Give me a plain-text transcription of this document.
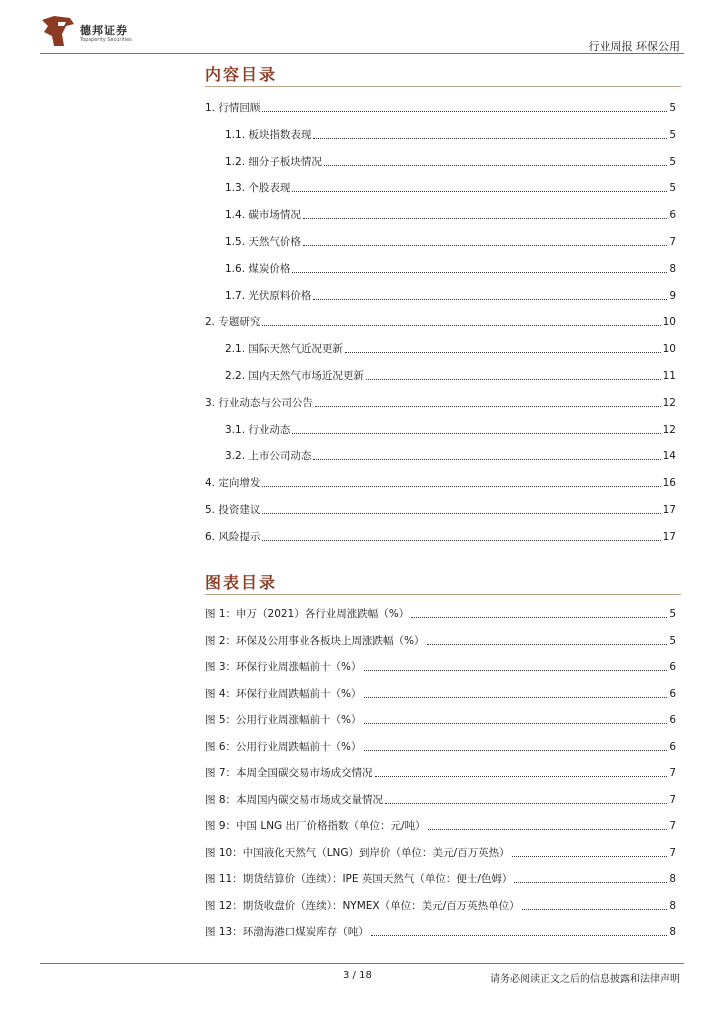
德邦证券
Topsperity Securities	行业周报 环保公用
内容目录
1. 行情回顾	5
1.1. 板块指数表现	5
1.2. 细分子板块情况	5
1.3. 个股表现	5
1.4. 碳市场情况	6
1.5. 天然气价格	7
1.6. 煤炭价格	8
1.7. 光伏原料价格	9
2. 专题研究	10
2.1. 国际天然气近况更新	10
2.2. 国内天然气市场近况更新	11
3. 行业动态与公司公告	12
3.1. 行业动态	12
3.2. 上市公司动态	14
4. 定向增发	16
5. 投资建议	17
6. 风险提示	17
图表目录
图 1：申万（2021）各行业周涨跌幅（%）	5
图 2：环保及公用事业各板块上周涨跌幅（%）	5
图 3：环保行业周涨幅前十（%）	6
图 4：环保行业周跌幅前十（%）	6
图 5：公用行业周涨幅前十（%）	6
图 6：公用行业周跌幅前十（%）	6
图 7：本周全国碳交易市场成交情况	7
图 8：本周国内碳交易市场成交量情况	7
图 9：中国 LNG 出厂价格指数（单位：元/吨）	7
图 10：中国液化天然气（LNG）到岸价（单位：美元/百万英热）	7
图 11：期货结算价（连续）：IPE 英国天然气（单位：便士/色姆）	8
图 12：期货收盘价（连续）：NYMEX（单位：美元/百万英热单位）	8
图 13：环渤海港口煤炭库存（吨）	8
3 / 18	请务必阅读正文之后的信息披露和法律声明
